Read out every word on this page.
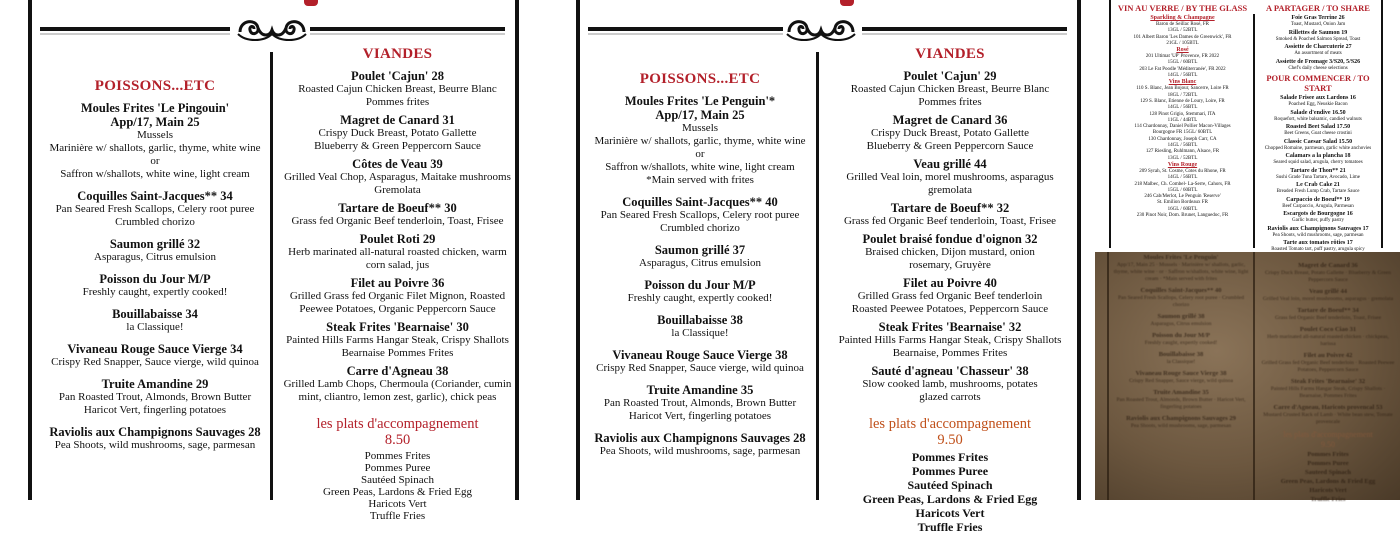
POISSONS...ETC
Moules Frites 'Le Pingouin'
App/17, Main 25
Mussels
Marinière w/ shallots, garlic, thyme, white wine
or
Saffron w/shallots, white wine, light cream
Coquilles Saint-Jacques** 34
Pan Seared Fresh Scallops, Celery root puree
Crumbled chorizo
Saumon grillé 32
Asparagus, Citrus emulsion
Poisson du Jour M/P
Freshly caught, expertly cooked!
Bouillabaisse 34
la Classique!
Vivaneau Rouge Sauce Vierge 34
Crispy Red Snapper, Sauce vierge, wild quinoa
Truite Amandine 29
Pan Roasted Trout, Almonds, Brown Butter
Haricot Vert, fingerling potatoes
Raviolis aux Champignons Sauvages 28
Pea Shoots, wild mushrooms, sage, parmesan
VIANDES
Poulet 'Cajun' 28
Roasted Cajun Chicken Breast, Beurre Blanc
Pommes frites
Magret de Canard 31
Crispy Duck Breast, Potato Gallette
Blueberry & Green Peppercorn Sauce
Côtes de Veau 39
Grilled Veal Chop, Asparagus, Maitake mushrooms
Gremolata
Tartare de Boeuf** 30
Grass fed Organic Beef tenderloin, Toast, Frisee
Poulet Roti 29
Herb marinated all-natural roasted chicken, warm
corn salad, jus
Filet au Poivre 36
Grilled Grass fed Organic Filet Mignon, Roasted
Peewee Potatoes, Organic Peppercorn Sauce
Steak Frites 'Bearnaise' 30
Painted Hills Farms Hangar Steak, Crispy Shallots
Bearnaise Pommes Frites
Carre d'Agneau 38
Grilled Lamb Chops, Chermoula (Coriander, cumin
mint, cliantro, lemon zest, garlic), chick peas
les plats d'accompagnement
8.50
Pommes Frites
Pommes Puree
Sautéed Spinach
Green Peas, Lardons & Fried Egg
Haricots Vert
Truffle Fries
POISSONS...ETC
Moules Frites 'Le Penguin'*
App/17, Main 25
Mussels
Marinière w/ shallots, garlic, thyme, white wine
or
Saffron w/shallots, white wine, light cream
*Main served with frites
Coquilles Saint-Jacques** 40
Pan Seared Fresh Scallops, Celery root puree
Crumbled chorizo
Saumon grillé 37
Asparagus, Citrus emulsion
Poisson du Jour M/P
Freshly caught, expertly cooked!
Bouillabaisse 38
la Classique!
Vivaneau Rouge Sauce Vierge 38
Crispy Red Snapper, Sauce vierge, wild quinoa
Truite Amandine 35
Pan Roasted Trout, Almonds, Brown Butter
Haricot Vert, fingerling potatoes
Raviolis aux Champignons Sauvages 28
Pea Shoots, wild mushrooms, sage, parmesan
VIANDES
Poulet 'Cajun' 29
Roasted Cajun Chicken Breast, Beurre Blanc
Pommes frites
Magret de Canard 36
Crispy Duck Breast, Potato Gallette
Blueberry & Green Peppercorn Sauce
Veau grillé 44
Grilled Veal loin, morel mushrooms, asparagus
gremolata
Tartare de Boeuf** 32
Grass fed Organic Beef tenderloin, Toast, Frisee
Poulet braisé fondue d'oignon 32
Braised chicken, Dijon mustard, onion
rosemary, Gruyère
Filet au Poivre 40
Grilled Grass fed Organic Beef tenderloin
Roasted Peewee Potatoes, Peppercorn Sauce
Steak Frites 'Bearnaise' 32
Painted Hills Farms Hangar Steak, Crispy Shallots
Bearnaise, Pommes Frites
Sauté d'agneau 'Chasseur' 38
Slow cooked lamb, mushrooms, potates
glazed carrots
les plats d'accompagnement
9.50
Pommes Frites
Pommes Puree
Sautéed Spinach
Green Peas, Lardons & Fried Egg
Haricots Vert
Truffle Fries
VIN AU VERRE / BY THE GLASS
Sparkling & Champagne
Baron de Seillac Rosé, FR
13GL / 52BTL
101 Albert Baron 'Les Dames de Greenwick', FR
21GL / 105BTL
Rosé
201 Ultimat 'UP' Provence, FR 2022
15GL / 60BTL
203 Le Fat Poodle 'Méditerranée', FR 2022
14GL / 56BTL
Vins Blanc
110 S. Blanc, Jean Bojour, Sancerre, Loire FR
18GL / 72BTL
129 S. Blanc, Etienne de Loury, Loire, FR
14GL / 56BTL
128 Pinot Grigio, Stemmari, ITA
11GL / 44BTL
114 Chardonnay, Daniel Pollier Macon-Villages
Bourgogne FR 15GL/ 60BTL
130 Chardonnay, Joseph Carr, CA
14GL / 56BTL
127 Riesling, Ruhlmann, Alsace, FR
13GL / 52BTL
Vins Rouge
209 Syrah, St. Cosme, Cotes du Rhone, FR
14GL / 56BTL
218 Malbec, Ch. Combel- La-Serre, Cahors, FR
15GL / 60BTL
246 Cab/Merlot, Le Penguin 'Reserve'
St. Emilion Bordeaux FR
16GL / 60BTL
230 Pinot Noir, Dom. Brunet, Languedoc, FR
A PARTAGER / TO SHARE
Foie Gras Terrine 26
Toast, Mustard, Onion Jam
Rillettes de Saumon 19
Smoked & Poached Salmon Spread, Toast
Assiette de Charcuterie 27
An assortment of meats
Assiette de Fromage 3/S20, 5/S26
Chef's daily cheese selections
POUR COMMENCER / TO START
Salade Frisee aux Lardons 16
Poached Egg, Neuskie Bacon
Salade d'endive 16.50
Roquefort, white balsamic, candied walnuts
Roasted Beet Salad 17.50
Beet Greens, Goat cheese crostini
Classic Caesar Salad 15.50
Chopped Romaine, parmesan, garlic white anchovies
Calamars a la plancha 18
Seared squid salad, arugula, cherry tomatoes
Tartare de Thon** 21
Sushi Grade Tuna Tartare, Avocado, Lime
Le Crab Cake 21
Breaded Fresh Lump Crab, Tartare Sauce
Carpaccio de Boeuf** 19
Beef Carpaccio, Arugula, Parmesan
Escargots de Bourgogne 16
Garlic butter, puffy pastry
Raviolis aux Champignons Sauvages 17
Pea Shoots, wild mushrooms, sage, parmesan
Tarte aux tomates rôties 17
Roasted Tomato tart, puff pastry, arugula spicy
Moules Frites 'Le Penguin'
App/17, Main 25 · Mussels · Marinière w/ shallots, garlic, thyme, white wine · or · Saffron w/shallots, white wine, light cream · *Main served with frites
Coquilles Saint-Jacques** 40
Pan Seared Fresh Scallops, Celery root puree · Crumbled chorizo
Saumon grillé 38
Asparagus, Citrus emulsion
Poisson du Jour M/P
Freshly caught, expertly cooked!
Bouillabaisse 38
la Classique!
Vivaneau Rouge Sauce Vierge 38
Crispy Red Snapper, Sauce vierge, wild quinoa
Truite Amandine 35
Pan Roasted Trout, Almonds, Brown Butter · Haricot Vert, fingerling potatoes
Raviolis aux Champignons Sauvages 29
Pea Shoots, wild mushrooms, sage, parmesan
Magret de Canard 36
Crispy Duck Breast, Potato Gallette · Blueberry & Green Peppercorn Sauce
Veau grillé 44
Grilled Veal loin, morel mushrooms, asparagus · gremolata
Tartare de Boeuf** 34
Grass fed Organic Beef tenderloin, Toast, Frisee
Poulet Coco Ciao 31
Herb marinated all-natural roasted chicken · chickpeas, harissa
Filet au Poivre 42
Grilled Grass fed Organic Beef tenderloin · Roasted Peewee Potatoes, Peppercorn Sauce
Steak Frites 'Bearnaise' 32
Painted Hills Farms Hangar Steak, Crispy Shallots · Bearnaise, Pommes Frites
Carre d'Agneau, Haricots provencal 53
Mustard Crusted Rack of Lamb · White bean stew, Tomate provencale
les plats d'accompagnement
9.50
Pommes Frites
Pommes Puree
Sauteed Spinach
Green Peas, Lardons & Fried Egg
Haricots Vert
Truffle Fries
